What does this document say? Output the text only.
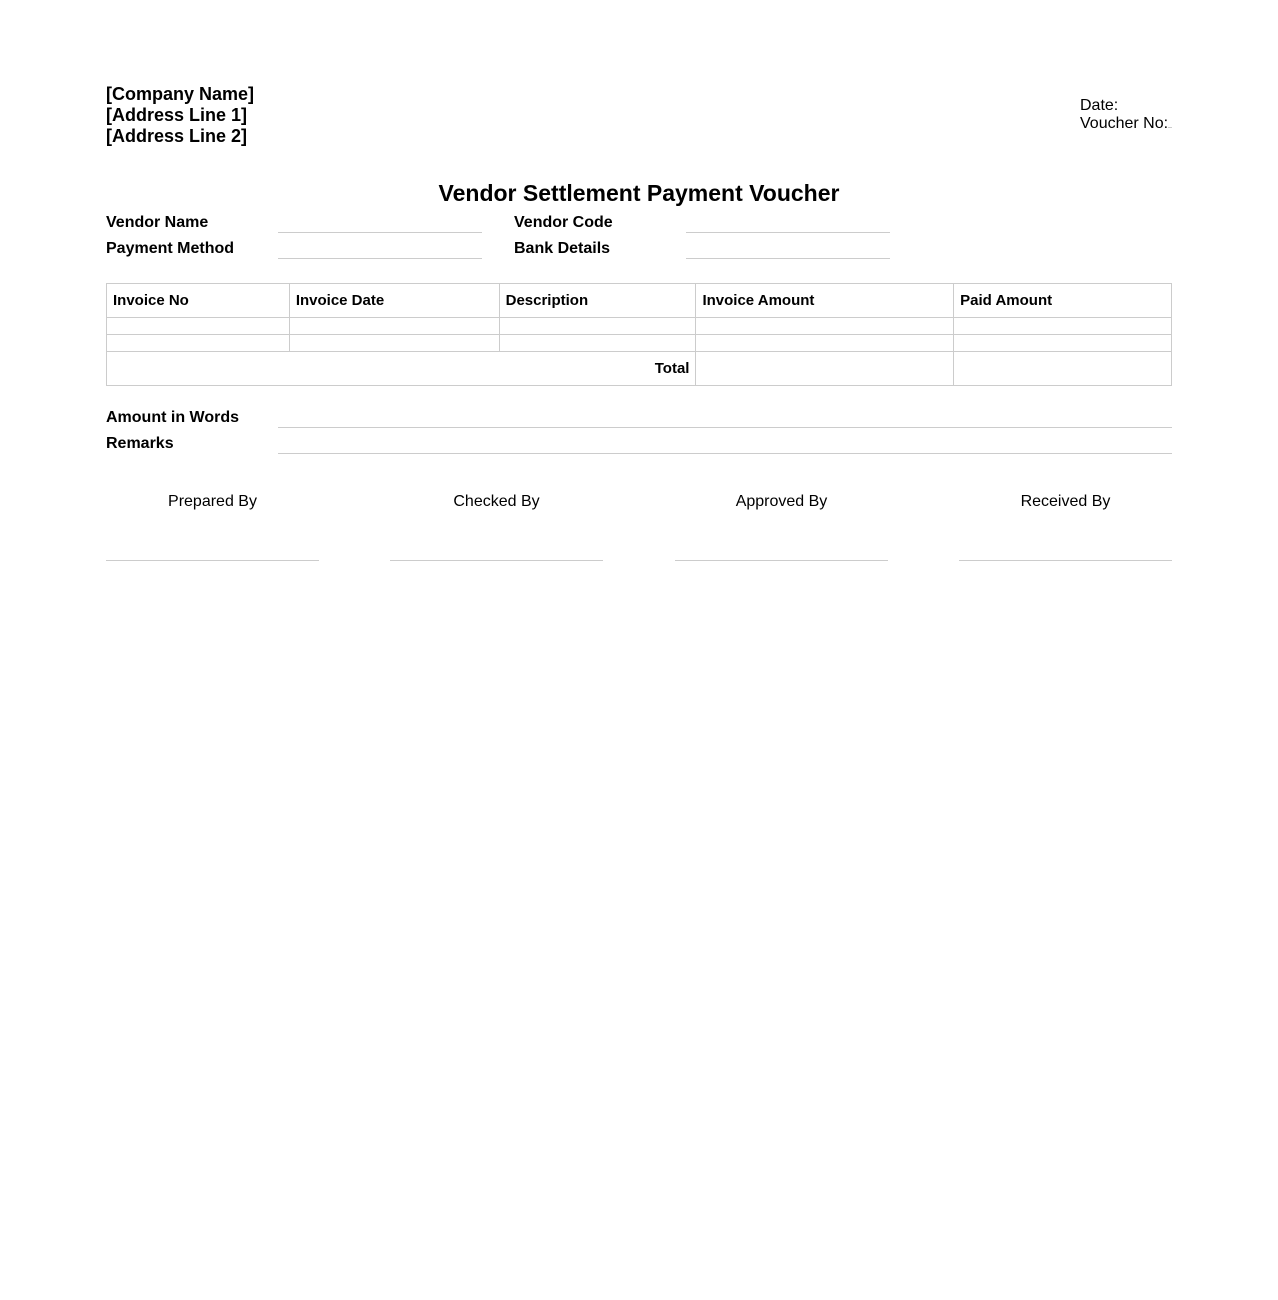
[Company Name]
[Address Line 1]
[Address Line 2]
Date:
Voucher No:
Vendor Settlement Payment Voucher
Vendor Name	Vendor Code
Payment Method	Bank Details
Invoice No	Invoice Date	Description	Invoice Amount	Paid Amount

Total				
Amount in Words
Remarks
Prepared By	Checked By	Approved By	Received By
